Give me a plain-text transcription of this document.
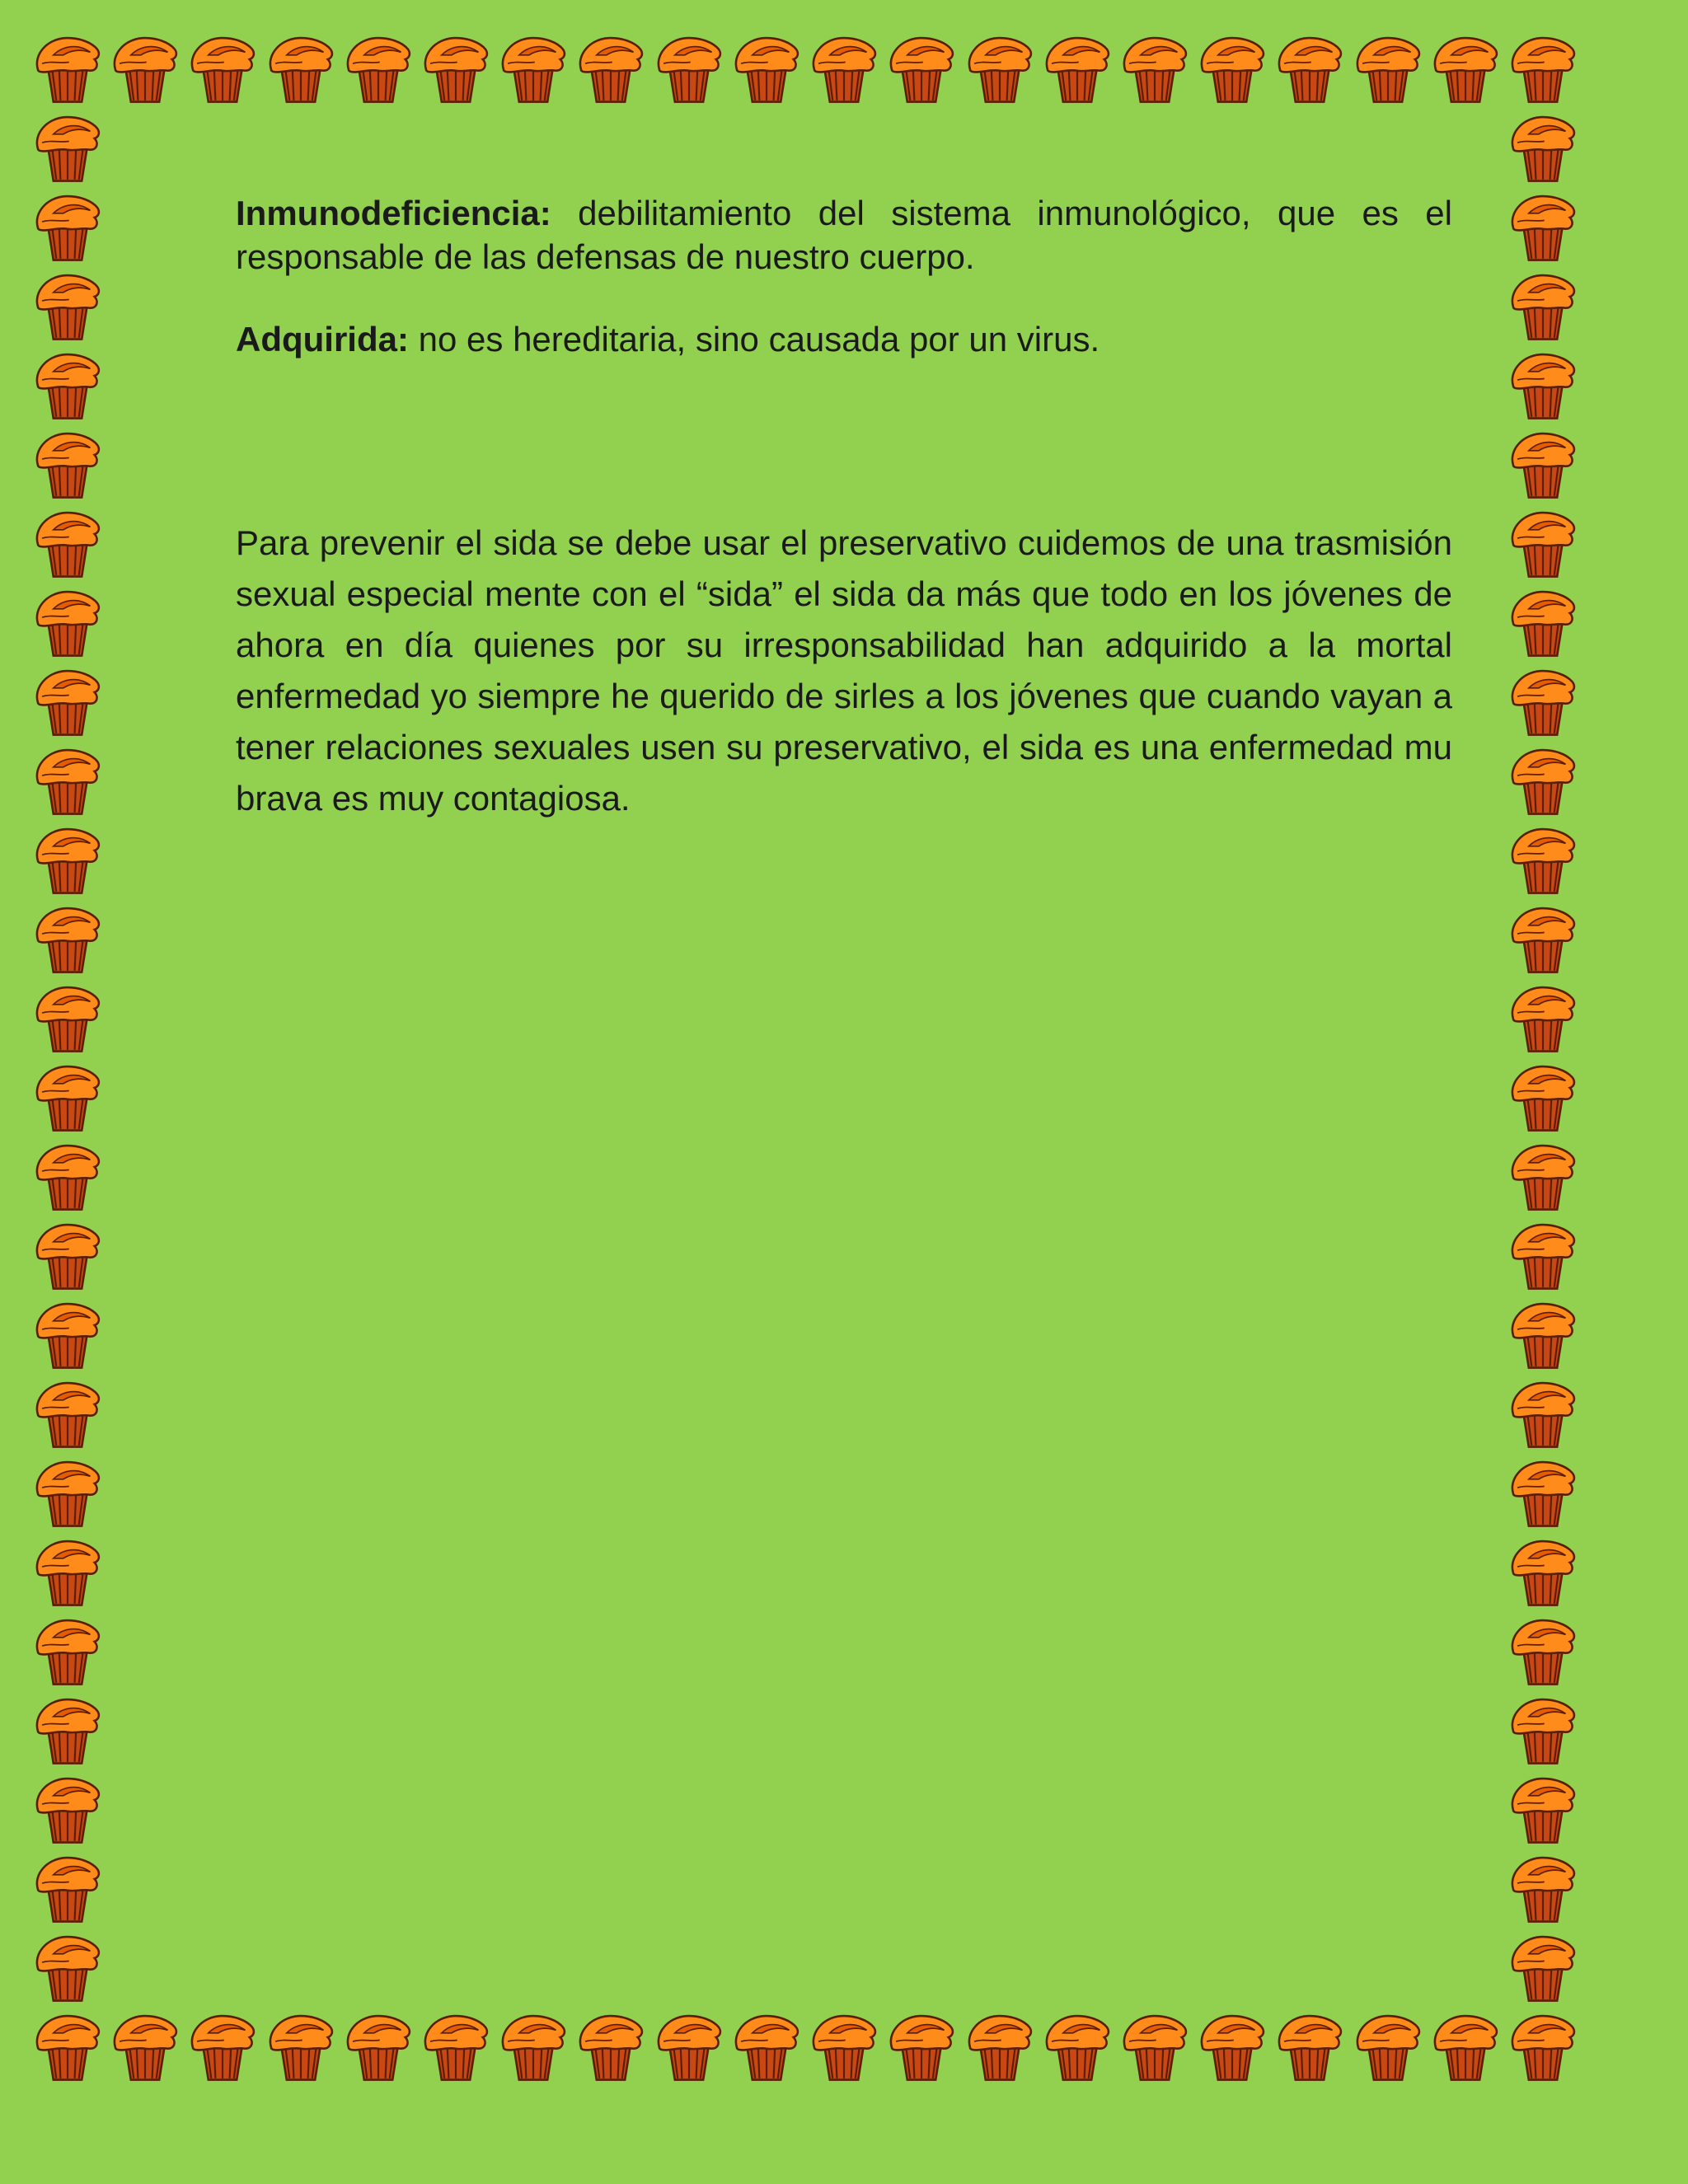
Inmunodeficiencia: debilitamiento del sistema inmunológico, que es el responsable de las defensas de nuestro cuerpo.

Adquirida: no es hereditaria, sino causada por un virus.

Para prevenir el sida se debe usar el preservativo cuidemos de una trasmisión sexual especial mente con el “sida” el sida da más que todo en los jóvenes de ahora en día quienes por su irresponsabilidad han adquirido a la mortal enfermedad yo siempre he querido de sirles a los jóvenes que cuando vayan a tener relaciones sexuales usen su preservativo, el sida es una enfermedad mu brava es muy contagiosa.
